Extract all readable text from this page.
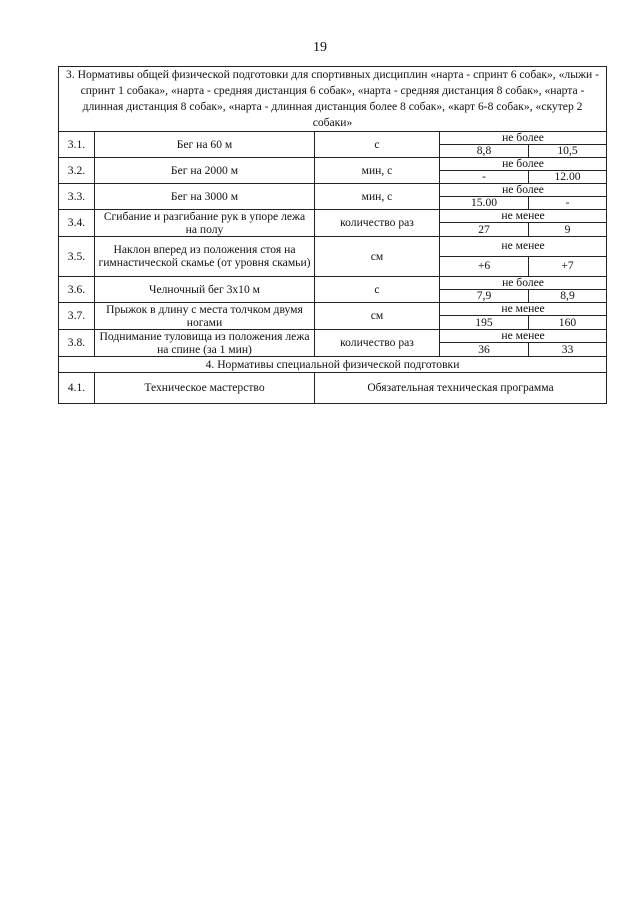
19
3. Нормативы общей физической подготовки для спортивных дисциплин «нарта - спринт 6 собак», «лыжи - спринт 1 собака», «нарта - средняя дистанция 6 собак», «нарта - средняя дистанция 8 собак», «нарта - длинная дистанция 8 собак», «нарта - длинная дистанция более 8 собак», «карт 6-8 собак», «скутер 2 собаки»				
3.1.	Бег на 60 м	с	не более	
			8,8	10,5
3.2.	Бег на 2000 м	мин, с	не более	
			-	12.00
3.3.	Бег на 3000 м	мин, с	не более	
			15.00	-
3.4.	Сгибание и разгибание рук в упоре лежа на полу	количество раз	не менее	
			27	9
3.5.	Наклон вперед из положения стоя на гимнастической скамье (от уровня скамьи)	см	не менее	
			+6	+7
3.6.	Челночный бег 3х10 м	с	не более	
			7,9	8,9
3.7.	Прыжок в длину с места толчком двумя ногами	см	не менее	
			195	160
3.8.	Поднимание туловища из положения лежа на спине (за 1 мин)	количество раз	не менее	
			36	33
4. Нормативы специальной физической подготовки				
4.1.	Техническое мастерство	Обязательная техническая программа		
